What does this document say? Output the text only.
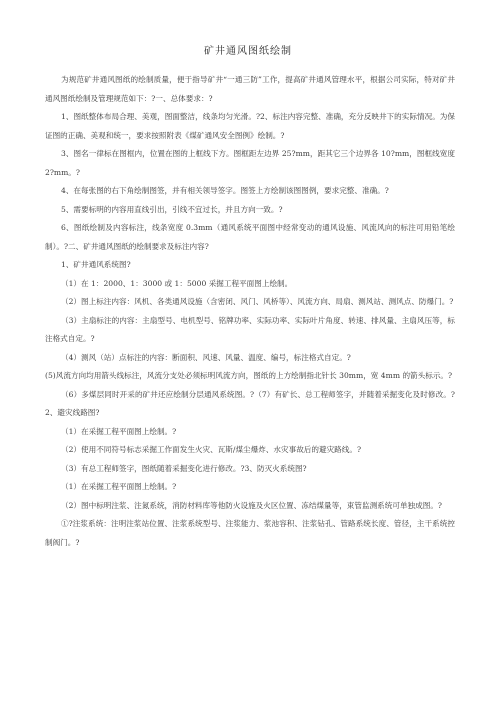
矿井通风图纸绘制

为规范矿井通风图纸的绘制质量，便于指导矿井“一通三防”工作，提高矿井通风管理水平，根据公司实际，特对矿井通风图纸绘制及管理规范如下：?一、总体要求：?

1、图纸整体布局合理、美观，图面整洁，线条均匀光滑。?2、标注内容完整、准确，充分反映井下的实际情况。为保证图的正确、美观和统一，要求按照附表《煤矿通风安全图例》绘制。?

3、图名一律标在图框内，位置在图的上框线下方。图框距左边界 25?mm，距其它三个边界各 10?mm，图框线宽度 2?mm。?

4、在每张图的右下角绘制图签，并有相关领导签字。图签上方绘制该图图例，要求完整、准确。?

5、需要标明的内容用直线引出，引线不宜过长，并且方向一致。?

6、图纸绘制及内容标注，线条宽度 0.3mm（通风系统平面图中经常变动的通风设施、风流风向的标注可用铅笔绘制）。?二、矿井通风图纸的绘制要求及标注内容?

1、矿井通风系统图?

（1）在 1：2000、1：3000 或 1：5000 采掘工程平面图上绘制。

（2）图上标注内容：风机、各类通风设施（含密闭、风门、风桥等）、风流方向、局扇、测风站、测风点、防爆门。?

（3）主扇标注的内容：主扇型号、电机型号、铭牌功率、实际功率、实际叶片角度、转速、排风量、主扇风压等，标注格式自定。?

（4）测风（站）点标注的内容：断面积、风速、风量、温度、编号，标注格式自定。?

(5)风流方向均用箭头线标注，风流分支处必须标明风流方向，图纸的上方绘制指北针长 30mm，宽 4mm 的箭头标示。?

（6）多煤层同时开采的矿井还应绘制分层通风系统图。?（7）有矿长、总工程师签字，并随着采掘变化及时修改。?2、避灾线路图?

（1）在采掘工程平面图上绘制。?

（2）使用不同符号标志采掘工作面发生火灾、瓦斯/煤尘爆炸、水灾事故后的避灾路线。?

（3）有总工程师签字，图纸随着采掘变化进行修改。?3、防灭火系统图?

（1）在采掘工程平面图上绘制。?

（2）图中标明注浆、注氮系统，消防材料库等他防火设施及火区位置、冻结煤量等，束管监测系统可单独成图。?

①?注浆系统：注明注浆站位置、注浆系统型号、注浆能力、浆池容积、注浆钻孔、管路系统长度、管径，主干系统控制阀门。?
